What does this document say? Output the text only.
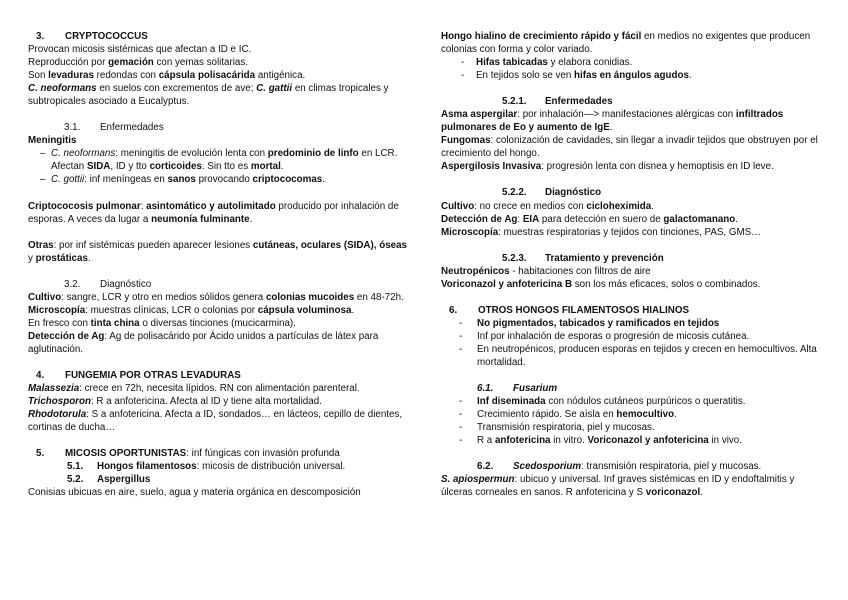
3. CRYPTOCOCCUS

Provocan micosis sistémicas que afectan a ID e IC.

Reproducción por gemación con yemas solitarias.

Son levaduras redondas con cápsula polisacárida antigénica.

C. neoformans en suelos con excrementos de ave; C. gattii en climas tropicales y subtropicales asociado a Eucalyptus.

3.1. Enfermedades

Meningitis

– C. neoformans: meningitis de evolución lenta con predominio de linfo en LCR. Afectan SIDA, ID y tto corticoides. Sin tto es mortal.

– C. gottii: inf meníngeas en sanos provocando criptococomas.

Criptococosis pulmonar: asintomático y autolimitado producido por inhalación de esporas. A veces da lugar a neumonía fulminante.

Otras: por inf sistémicas pueden aparecer lesiones cutáneas, oculares (SIDA), óseas y prostáticas.

3.2. Diagnóstico

Cultivo: sangre, LCR y otro en medios sólidos genera colonias mucoides en 48-72h.

Microscopía: muestras clínicas, LCR o colonias por cápsula voluminosa.

En fresco con tinta china o diversas tinciones (mucicarmina).

Detección de Ag: Ag de polisacárido por Ácido unidos a partículas de látex para aglutinación.

4. FUNGEMIA POR OTRAS LEVADURAS

Malassezia: crece en 72h, necesita lípidos. RN con alimentación parenteral.

Trichosporon: R a anfotericina. Afecta al ID y tiene alta mortalidad.

Rhodotorula: S a anfotericina. Afecta a ID, sondados… en lácteos, cepillo de dientes, cortinas de ducha…

5. MICOSIS OPORTUNISTAS: inf fúngicas con invasión profunda

5.1. Hongos filamentosos: micosis de distribución universal.

5.2. Aspergillus

Conisias ubicuas en aire, suelo, agua y materia orgánica en descomposición

Hongo hialino de crecimiento rápido y fácil en medios no exigentes que producen colonias con forma y color variado.

- Hifas tabicadas y elabora conidias.

- En tejidos solo se ven hifas en ángulos agudos.

5.2.1. Enfermedades

Asma aspergilar: por inhalación—> manifestaciones alérgicas con infiltrados pulmonares de Eo y aumento de IgE.

Fungomas: colonización de cavidades, sin llegar a invadir tejidos que obstruyen por el crecimiento del hongo.

Aspergilosis Invasiva: progresión lenta con disnea y hemoptisis en ID leve.

5.2.2. Diagnóstico

Cultivo: no crece en medios con cicloheximida.

Detección de Ag: EIA para detección en suero de galactomanano.

Microscopía: muestras respiratorias y tejidos con tinciones, PAS, GMS…

5.2.3. Tratamiento y prevención

Neutropénicos - habitaciones con filtros de aire

Voriconazol y anfotericina B son los más eficaces, solos o combinados.

6. OTROS HONGOS FILAMENTOSOS HIALINOS

- No pigmentados, tabicados y ramificados en tejidos

- Inf por inhalación de esporas o progresión de micosis cutánea.

- En neutropénicos, producen esporas en tejidos y crecen en hemocultivos. Alta mortalidad.

6.1. Fusarium

- Inf diseminada con nódulos cutáneos purpúricos o queratitis.

- Crecimiento rápido. Se aísla en hemocultivo.

- Transmisión respiratoria, piel y mucosas.

- R a anfotericina in vitro. Voriconazol y anfotericina in vivo.

6.2. Scedosporium: transmisión respiratoria, piel y mucosas.

S. apiospermun: ubicuo y universal. Inf graves sistémicas en ID y endoftalmitis y úlceras corneales en sanos. R anfotericina y S voriconazol.
